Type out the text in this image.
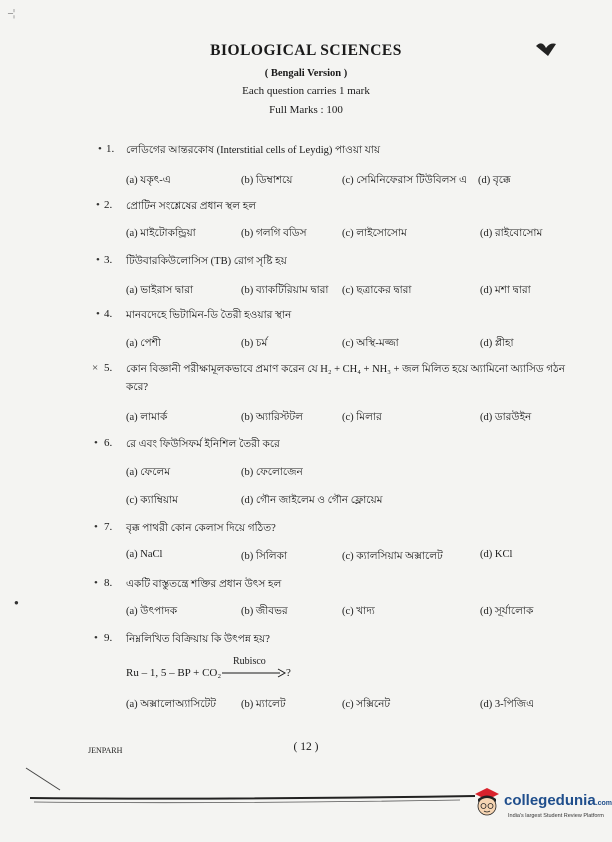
BIOLOGICAL SCIENCES
( Bengali Version )
Each question carries 1 mark
Full Marks : 100
–¦
• 1. লেডিগের আন্তরকোষ (Interstitial cells of Leydig) পাওয়া যায়
(a) যকৃৎ-এ	(b) ডিম্বাশয়ে	(c) সেমিনিফেরাস টিউবিলস এ (d) বৃক্কে
• 2. প্রোটিন সংশ্লেষের প্রধান স্থল হল
(a) মাইটোকন্ড্রিয়া	(b) গলগি বডিস	(c) লাইসোসোম	(d) রাইবোসোম
• 3. টিউবারকিউলোসিস (TB) রোগ সৃষ্টি হয়
(a) ভাইরাস দ্বারা	(b) ব্যাকটিরিয়াম দ্বারা (c) ছত্রাকের দ্বারা	(d) মশা দ্বারা
• 4. মানবদেহে ভিটামিন-ডি তৈরী হওয়ার স্থান
(a) পেশী	(b) চর্ম	(c) অস্থি-মজ্জা	(d) প্লীহা
× 5. কোন বিজ্ঞানী পরীক্ষামূলকভাবে প্রমাণ করেন যে H₂ + CH₄ + NH₃ + জল মিলিত হয়ে অ্যামিনো অ্যাসিড গঠন
করে?
(a) লামার্ক	(b) অ্যারিস্টটল	(c) মিলার	(d) ডারউইন
• 6. রে এবং ফিউসিফর্ম ইনিশিল তৈরী করে
(a) ফেলেম	(b) ফেলোজেন
(c) ক্যাম্বিয়াম	(d) গৌন জাইলেম ও গৌন ফ্লোয়েম
• 7. বৃক্ক পাথরী কোন কেলাস দিয়ে গঠিত?
(a) NaCl	(b) সিলিকা	(c) ক্যালসিয়াম অক্সালেট	(d) KCl
• 8. একটি বাস্তুতন্ত্রে শক্তির প্রধান উৎস হল
(a) উৎপাদক	(b) জীবভর	(c) খাদ্য	(d) সূর্যালোক
●
• 9. নিম্নলিখিত বিক্রিয়ায় কি উৎপন্ন হয়?
Ru – 1, 5 – BP + CO₂
Rubisco
→ ?
(a) অক্সালোঅ্যাসিটেট (b) ম্যালেট	(c) সক্সিনেট	(d) 3-পিজিএ
JENPARH	( 12 )
collegedunia.com
India's largest Student Review Platform
